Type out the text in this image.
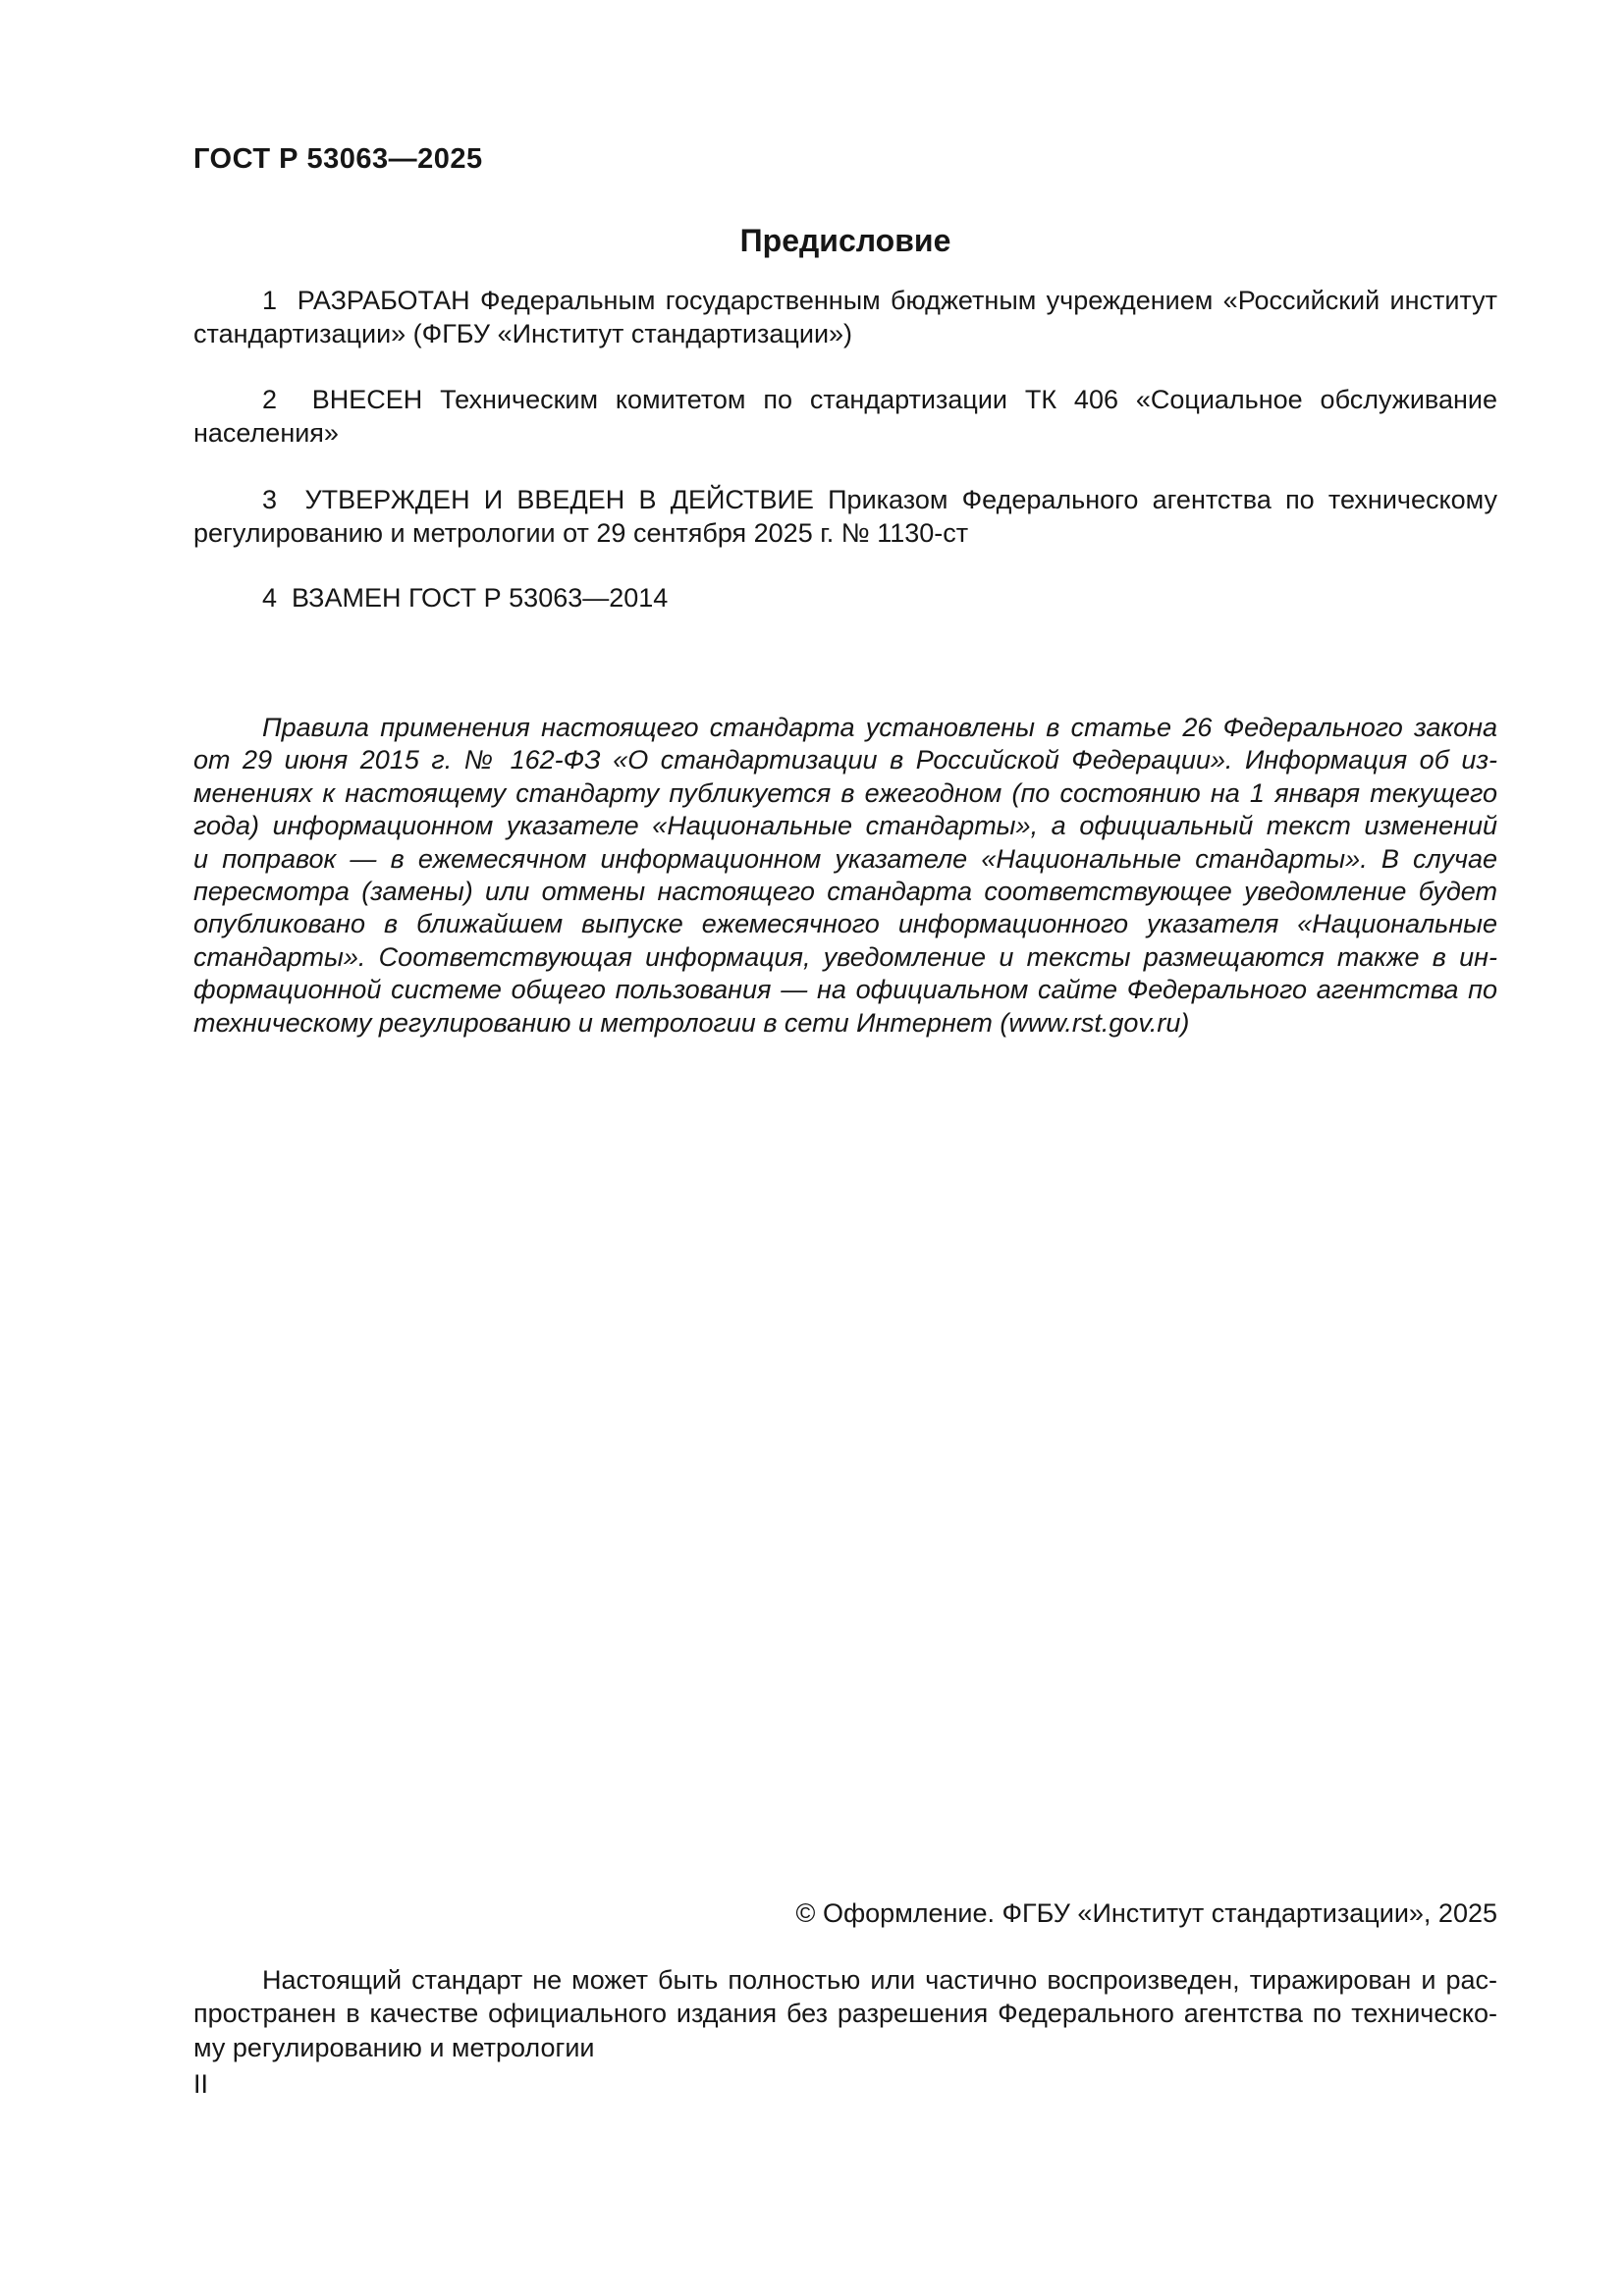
ГОСТ Р 53063—2025
Предисловие
1  РАЗРАБОТАН Федеральным государственным бюджетным учреждением «Российский институт
стандартизации» (ФГБУ «Институт стандартизации»)
2  ВНЕСЕН Техническим комитетом по стандартизации ТК 406 «Социальное обслуживание
населения»
3  УТВЕРЖДЕН И ВВЕДЕН В ДЕЙСТВИЕ Приказом Федерального агентства по техническому
регулированию и метрологии от 29 сентября 2025 г. № 1130-ст
4  ВЗАМЕН ГОСТ Р 53063—2014
Правила применения настоящего стандарта установлены в статье 26 Федерального закона
от 29 июня 2015 г. № 162-ФЗ «О стандартизации в Российской Федерации». Информация об из-
менениях к настоящему стандарту публикуется в ежегодном (по состоянию на 1 января текущего
года) информационном указателе «Национальные стандарты», а официальный текст изменений
и поправок — в ежемесячном информационном указателе «Национальные стандарты». В случае
пересмотра (замены) или отмены настоящего стандарта соответствующее уведомление будет
опубликовано в ближайшем выпуске ежемесячного информационного указателя «Национальные
стандарты». Соответствующая информация, уведомление и тексты размещаются также в ин-
формационной системе общего пользования — на официальном сайте Федерального агентства по
техническому регулированию и метрологии в сети Интернет (www.rst.gov.ru)
© Оформление. ФГБУ «Институт стандартизации», 2025
Настоящий стандарт не может быть полностью или частично воспроизведен, тиражирован и рас-
пространен в качестве официального издания без разрешения Федерального агентства по техническо-
му регулированию и метрологии
II
